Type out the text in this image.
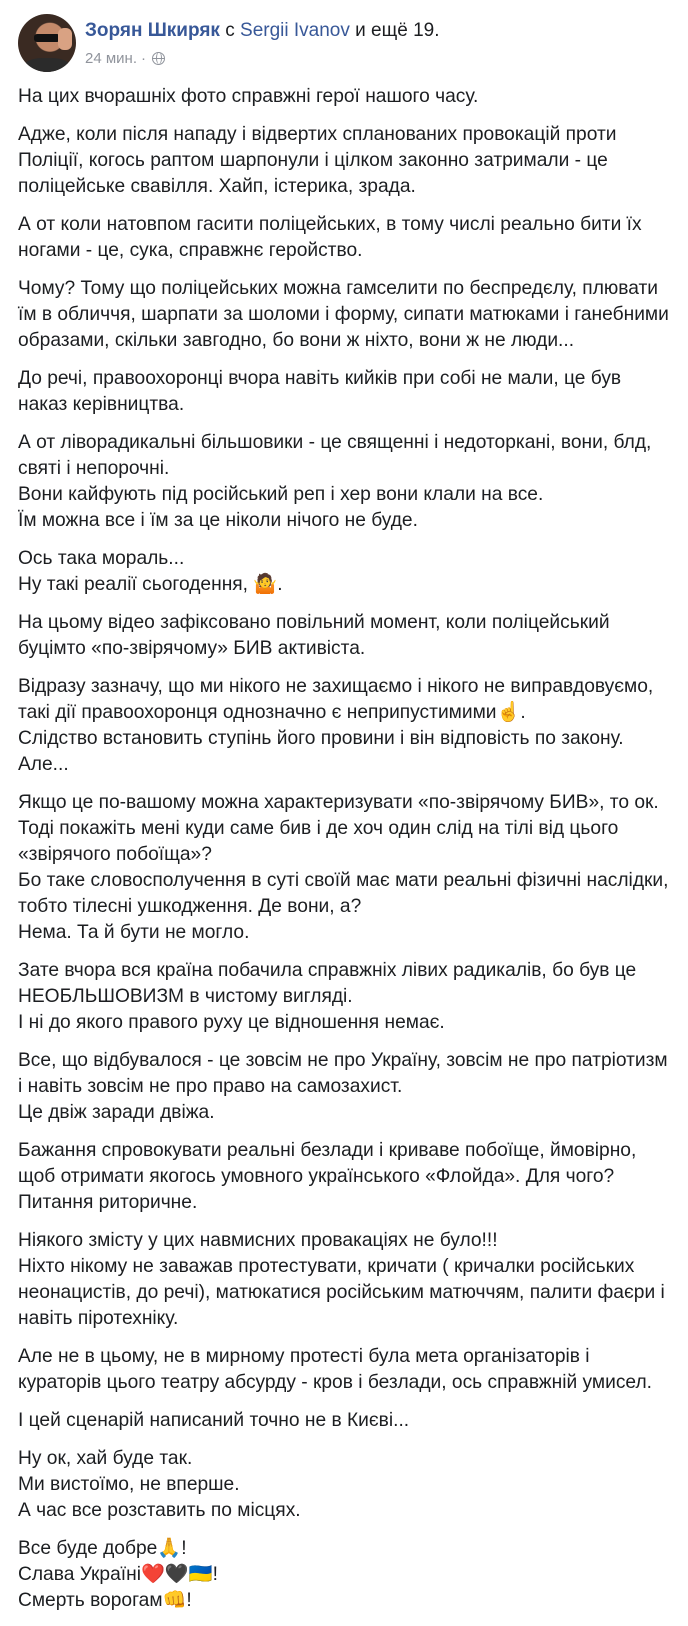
Зорян Шкиряк с Sergii Ivanov и ещё 19.
24 мин. ·

На цих вчорашніх фото справжні герої нашого часу.

Адже, коли після нападу і відвертих спланованих провокацій проти
Поліції, когось раптом шарпонули і цілком законно затримали - це
поліцейське свавілля. Хайп, істерика, зрада.

А от коли натовпом гасити поліцейських, в тому числі реально бити їх
ногами - це, сука, справжнє геройство.

Чому? Тому що поліцейських можна гамселити по беспредєлу, плювати
їм в обличчя, шарпати за шоломи і форму, сипати матюками і ганебними
образами, скільки завгодно, бо вони ж ніхто, вони ж не люди...

До речі, правоохоронці вчора навіть кийків при собі не мали, це був
наказ керівництва.

А от ліворадикальні більшовики - це священні і недоторкані, вони, блд,
святі і непорочні.
Вони кайфують під російський реп і хер вони клали на все.
Їм можна все і їм за це ніколи нічого не буде.

Ось така мораль...
Ну такі реалії сьогодення, 🤷.

На цьому відео зафіксовано повільний момент, коли поліцейський
буцімто «по-звірячому» БИВ активіста.

Відразу зазначу, що ми нікого не захищаємо і нікого не виправдовуємо,
такі дії правоохоронця однозначно є неприпустимими☝️.
Слідство встановить ступінь його провини і він відповість по закону.
Але...

Якщо це по-вашому можна характеризувати «по-звірячому БИВ», то ок.
Тоді покажіть мені куди саме бив і де хоч один слід на тілі від цього
«звірячого побоїща»?
Бо таке словосполучення в суті своїй має мати реальні фізичні наслідки,
тобто тілесні ушкодження. Де вони, а?
Нема. Та й бути не могло.

Зате вчора вся країна побачила справжніх лівих радикалів, бо був це
НЕОБЛЬШОВИЗМ в чистому вигляді.
І ні до якого правого руху це відношення немає.

Все, що відбувалося - це зовсім не про Україну, зовсім не про патріотизм
і навіть зовсім не про право на самозахист.
Це двіж заради двіжа.

Бажання спровокувати реальні безлади і криваве побоїще, ймовірно,
щоб отримати якогось умовного українського «Флойда». Для чого?
Питання риторичне.

Ніякого змісту у цих навмисних провакаціях не було!!!
Ніхто нікому не заважав протестувати, кричати ( кричалки російських
неонацистів, до речі), матюкатися російським матюччям, палити фаєри і
навіть піротехніку.

Але не в цьому, не в мирному протесті була мета організаторів і
кураторів цього театру абсурду - кров і безлади, ось справжній умисел.

І цей сценарій написаний точно не в Києві...

Ну ок, хай буде так.
Ми вистоїмо, не вперше.
А час все розставить по місцях.

Все буде добре🙏!
Слава Україні❤️🖤🇺🇦!
Смерть ворогам👊!
